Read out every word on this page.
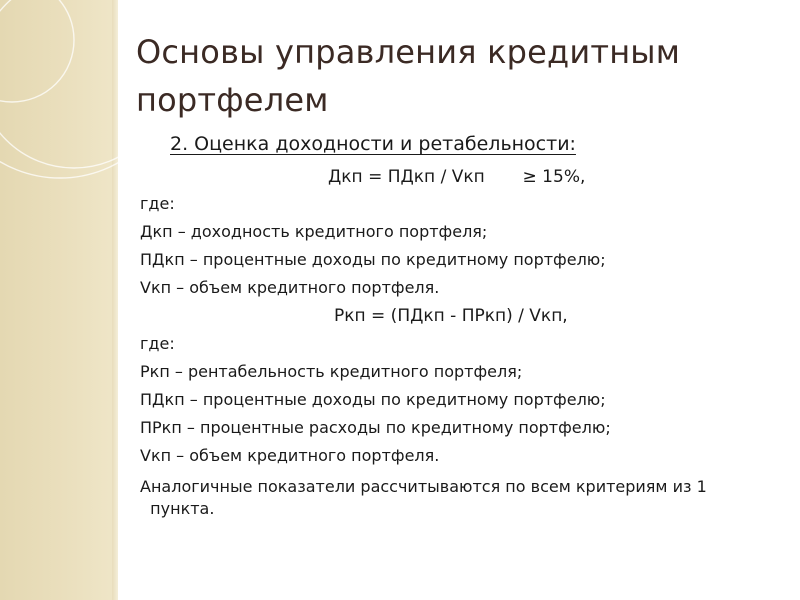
Основы управления кредитным портфелем
2. Оценка доходности и ретабельности:
Дкп = ПДкп / Vкп       ≥ 15%,
где:
Дкп – доходность кредитного портфеля;
ПДкп – процентные доходы по кредитному портфелю;
Vкп – объем кредитного портфеля.
Ркп = (ПДкп - ПРкп) / Vкп,
где:
Ркп – рентабельность кредитного портфеля;
ПДкп – процентные доходы по кредитному портфелю;
ПРкп – процентные расходы по кредитному портфелю;
Vкп – объем кредитного портфеля.
Аналогичные показатели рассчитываются по всем критериям из 1
пункта.
